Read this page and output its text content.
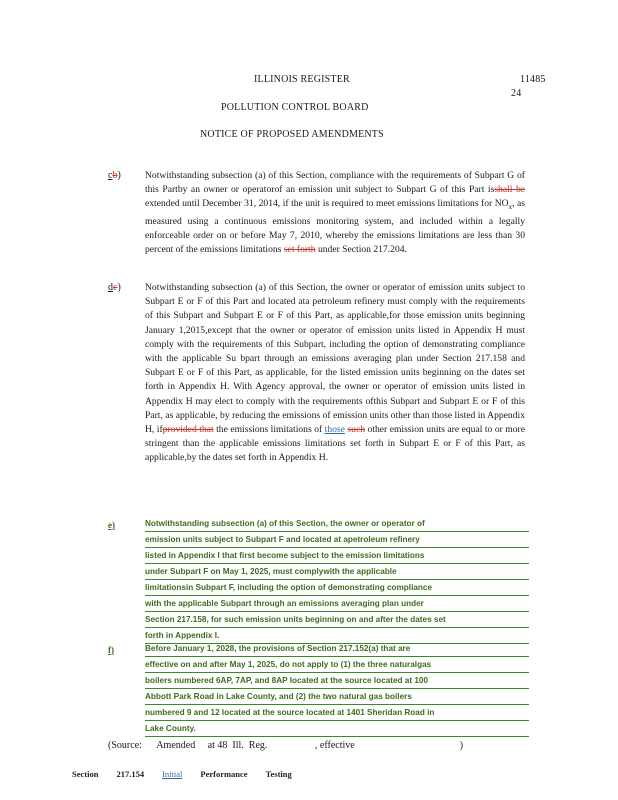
ILLINOIS REGISTER	11485
24
POLLUTION CONTROL BOARD
NOTICE OF PROPOSED AMENDMENTS
cb)	Notwithstanding subsection (a) of this Section, compliance with the requirements of Subpart G of this Partby an owner or operatorof an emission unit subject to Subpart G of this Part isshall be extended until December 31, 2014, if the unit is required to meet emissions limitations for $NO_x$, as measured using a continuous emissions monitoring system, and included within a legally enforceable order on or before May 7, 2010, whereby the emissions limitations are less than 30 percent of the emissions limitations set forth under Section 217.204.
dc)	Notwithstanding subsection (a) of this Section, the owner or operator of emission units subject to Subpart E or F of this Part and located ata petroleum refinery must comply with the requirements of this Subpart and Subpart E or F of this Part, as applicable,for those emission units beginning January 1,2015,except that the owner or operator of emission units listed in Appendix H must comply with the requirements of this Subpart, including the option of demonstrating compliance with the applicable Su bpart through an emissions averaging plan under Section 217.158 and Subpart E or F of this Part, as applicable, for the listed emission units beginning on the dates set forth in Appendix H. With Agency approval, the owner or operator of emission units listed in Appendix H may elect to comply with the requirements ofthis Subpart and Subpart E or F of this Part, as applicable, by reducing the emissions of emission units other than those listed in Appendix H, ifprovided that the emissions limitations of those such other emission units are equal to or more stringent than the applicable emissions limitations set forth in Subpart E or F of this Part, as applicable,by the dates set forth in Appendix H.
e)	Notwithstanding subsection (a) of this Section, the owner or operator of
emission units subject to Subpart F and located at apetroleum refinery
listed in Appendix I that first become subject to the emission limitations
under Subpart F on May 1, 2025, must complywith the applicable
limitationsin Subpart F, including the option of demonstrating compliance
with the applicable Subpart through an emissions averaging plan under
Section 217.158, for such emission units beginning on and after the dates set
forth in Appendix I.
f)	Before January 1, 2028, the provisions of Section 217.152(a) that are
effective on and after May 1, 2025, do not apply to (1) the three naturalgas
boilers numbered 6AP, 7AP, and 8AP located at the source located at 100
Abbott Park Road in Lake County, and (2) the two natural gas boilers
numbered 9 and 12 located at the source located at 1401 Sheridan Road in
Lake County.
(Source:      Amended     at 48  Ill.  Reg.                   , effective                                          )
Section 217.154 Initial Performance Testing
